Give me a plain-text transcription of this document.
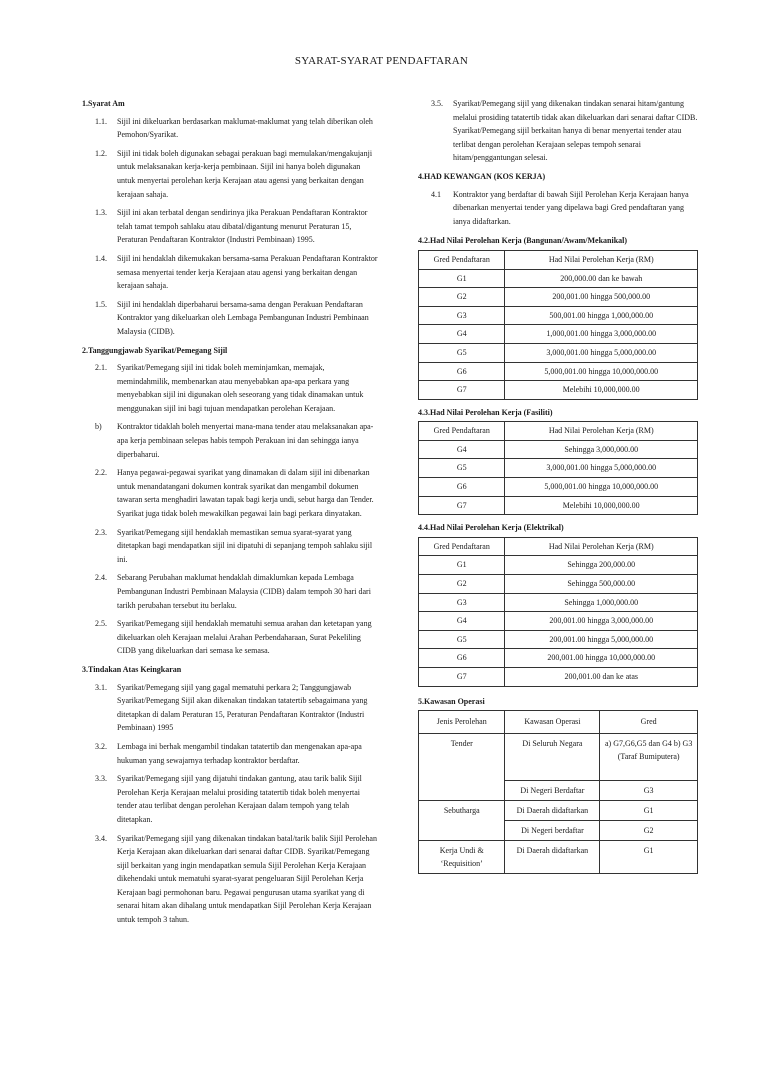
SYARAT-SYARAT PENDAFTARAN
1.Syarat Am
1.1.	Sijil ini dikeluarkan berdasarkan maklumat-maklumat yang telah diberikan oleh Pemohon/Syarikat.
1.2.	Sijil ini tidak boleh digunakan sebagai perakuan bagi memulakan/mengakujanji untuk melaksanakan kerja-kerja pembinaan. Sijil ini hanya boleh digunakan untuk menyertai perolehan kerja Kerajaan atau agensi yang berkaitan dengan kerajaan sahaja.
1.3.	Sijil ini akan terbatal dengan sendirinya jika Perakuan Pendaftaran Kontraktor telah tamat tempoh sahlaku atau dibatal/digantung menurut Peraturan 15, Peraturan Pendaftaran Kontraktor (Industri Pembinaan) 1995.
1.4.	Sijil ini hendaklah dikemukakan bersama-sama Perakuan Pendaftaran Kontraktor semasa menyertai tender kerja Kerajaan atau agensi yang berkaitan dengan kerajaan sahaja.
1.5.	Sijil ini hendaklah diperbaharui bersama-sama dengan Perakuan Pendaftaran Kontraktor yang dikeluarkan oleh Lembaga Pembangunan Industri Pembinaan Malaysia (CIDB).
2.Tanggungjawab Syarikat/Pemegang Sijil
2.1.	Syarikat/Pemegang sijil ini tidak boleh meminjamkan, memajak, memindahmilik, membenarkan atau menyebabkan apa-apa perkara yang menyebabkan sijil ini digunakan oleh seseorang yang tidak dinamakan untuk menggunakan sijil ini bagi tujuan mendapatkan perolehan Kerajaan.
b)	Kontraktor tidaklah boleh menyertai mana-mana tender atau melaksanakan apa-apa kerja pembinaan selepas habis tempoh Perakuan ini dan sehingga ianya diperbaharui.
2.2.	Hanya pegawai-pegawai syarikat yang dinamakan di dalam sijil ini dibenarkan untuk menandatangani dokumen kontrak syarikat dan mengambil dokumen tawaran serta menghadiri lawatan tapak bagi kerja undi, sebut harga dan Tender. Syarikat juga tidak boleh mewakilkan pegawai lain bagi perkara dinyatakan.
2.3.	Syarikat/Pemegang sijil hendaklah memastikan semua syarat-syarat yang ditetapkan bagi mendapatkan sijil ini dipatuhi di sepanjang tempoh sahlaku sijil ini.
2.4.	Sebarang Perubahan maklumat hendaklah dimaklumkan kepada Lembaga Pembangunan Industri Pembinaan Malaysia (CIDB) dalam tempoh 30 hari dari tarikh perubahan tersebut itu berlaku.
2.5.	Syarikat/Pemegang sijil hendaklah mematuhi semua arahan dan ketetapan yang dikeluarkan oleh Kerajaan melalui Arahan Perbendaharaan, Surat Pekeliling CIDB yang dikeluarkan dari semasa ke semasa.
3.Tindakan Atas Keingkaran
3.1.	Syarikat/Pemegang sijil yang gagal mematuhi perkara 2; Tanggungjawab Syarikat/Pemegang Sijil akan dikenakan tindakan tatatertib sebagaimana yang ditetapkan di dalam Peraturan 15, Peraturan Pendaftaran Kontraktor (Industri Pembinaan) 1995
3.2.	Lembaga ini berhak mengambil tindakan tatatertib dan mengenakan apa-apa hukuman yang sewajarnya terhadap kontraktor berdaftar.
3.3.	Syarikat/Pemegang sijil yang dijatuhi tindakan gantung, atau tarik balik Sijil Perolehan Kerja Kerajaan melalui prosiding tatatertib tidak boleh menyertai tender atau terlibat dengan perolehan Kerajaan dalam tempoh yang telah ditetapkan.
3.4.	Syarikat/Pemegang sijil yang dikenakan tindakan batal/tarik balik Sijil Perolehan Kerja Kerajaan akan dikeluarkan dari senarai daftar CIDB. Syarikat/Pemegang sijil berkaitan yang ingin mendapatkan semula Sijil Perolehan Kerja Kerajaan dikehendaki untuk mematuhi syarat-syarat pengeluaran Sijil Perolehan Kerja Kerajaan bagi permohonan baru. Pegawai pengurusan utama syarikat yang di senarai hitam akan dihalang untuk mendapatkan Sijil Perolehan Kerja Kerajaan untuk tempoh 3 tahun.
3.5.	Syarikat/Pemegang sijil yang dikenakan tindakan senarai hitam/gantung melalui prosiding tatatertib tidak akan dikeluarkan dari senarai daftar CIDB. Syarikat/Pemegang sijil berkaitan hanya di benar menyertai tender atau terlibat dengan perolehan Kerajaan selepas tempoh senarai hitam/penggantungan selesai.
4.HAD KEWANGAN (KOS KERJA)
4.1	Kontraktor yang berdaftar di bawah Sijil Perolehan Kerja Kerajaan hanya dibenarkan menyertai tender yang dipelawa bagi Gred pendaftaran yang ianya didaftarkan.
4.2.Had Nilai Perolehan Kerja (Bangunan/Awam/Mekanikal)
Gred Pendaftaran	Had Nilai Perolehan Kerja (RM)
G1	200,000.00 dan ke bawah
G2	200,001.00 hingga 500,000.00
G3	500,001.00 hingga 1,000,000.00
G4	1,000,001.00 hingga 3,000,000.00
G5	3,000,001.00 hingga 5,000,000.00
G6	5,000,001.00 hingga 10,000,000.00
G7	Melebihi 10,000,000.00
4.3.Had Nilai Perolehan Kerja (Fasiliti)
Gred Pendaftaran	Had Nilai Perolehan Kerja (RM)
G4	Sehingga 3,000,000.00
G5	3,000,001.00 hingga 5,000,000.00
G6	5,000,001.00 hingga 10,000,000.00
G7	Melebihi 10,000,000.00
4.4.Had Nilai Perolehan Kerja (Elektrikal)
Gred Pendaftaran	Had Nilai Perolehan Kerja (RM)
G1	Sehingga 200,000.00
G2	Sehingga 500,000.00
G3	Sehingga 1,000,000.00
G4	200,001.00 hingga 3,000,000.00
G5	200,001.00 hingga 5,000,000.00
G6	200,001.00 hingga 10,000,000.00
G7	200,001.00 dan ke atas
5.Kawasan Operasi
Jenis Perolehan	Kawasan Operasi	Gred
Tender	Di Seluruh Negara	a) G7,G6,G5 dan G4 b) G3 (Taraf Bumiputera)
	Di Negeri Berdaftar	G3
Sebutharga	Di Daerah didaftarkan	G1
	Di Negeri berdaftar	G2
Kerja Undi & ‘Requisition’	Di Daerah didaftarkan	G1
